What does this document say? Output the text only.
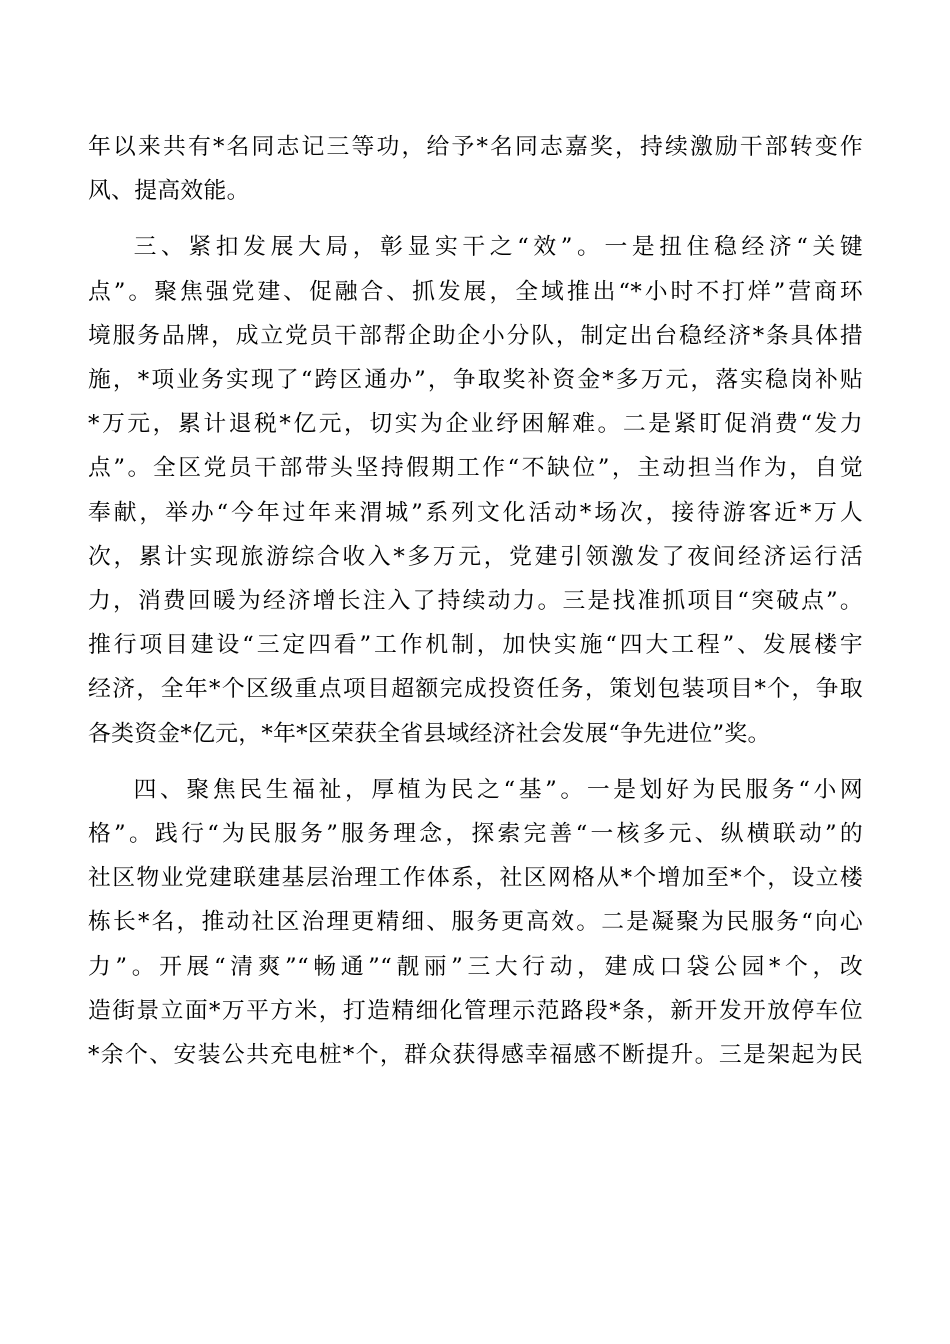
年以来共有*名同志记三等功，给予*名同志嘉奖，持续激励干部转变作
风、提高效能。
三、紧扣发展大局，彰显实干之“效”。一是扭住稳经济“关键
点”。聚焦强党建、促融合、抓发展，全域推出“*小时不打烊”营商环
境服务品牌，成立党员干部帮企助企小分队，制定出台稳经济*条具体措
施，*项业务实现了“跨区通办”，争取奖补资金*多万元，落实稳岗补贴
*万元，累计退税*亿元，切实为企业纾困解难。二是紧盯促消费“发力
点”。全区党员干部带头坚持假期工作“不缺位”，主动担当作为，自觉
奉献，举办“今年过年来渭城”系列文化活动*场次，接待游客近*万人
次，累计实现旅游综合收入*多万元，党建引领激发了夜间经济运行活
力，消费回暖为经济增长注入了持续动力。三是找准抓项目“突破点”。
推行项目建设“三定四看”工作机制，加快实施“四大工程”、发展楼宇
经济，全年*个区级重点项目超额完成投资任务，策划包装项目*个，争取
各类资金*亿元，*年*区荣获全省县域经济社会发展“争先进位”奖。
四、聚焦民生福祉，厚植为民之“基”。一是划好为民服务“小网
格”。践行“为民服务”服务理念，探索完善“一核多元、纵横联动”的
社区物业党建联建基层治理工作体系，社区网格从*个增加至*个，设立楼
栋长*名，推动社区治理更精细、服务更高效。二是凝聚为民服务“向心
力”。开展“清爽”“畅通”“靓丽”三大行动，建成口袋公园*个，改
造街景立面*万平方米，打造精细化管理示范路段*条，新开发开放停车位
*余个、安装公共充电桩*个，群众获得感幸福感不断提升。三是架起为民
